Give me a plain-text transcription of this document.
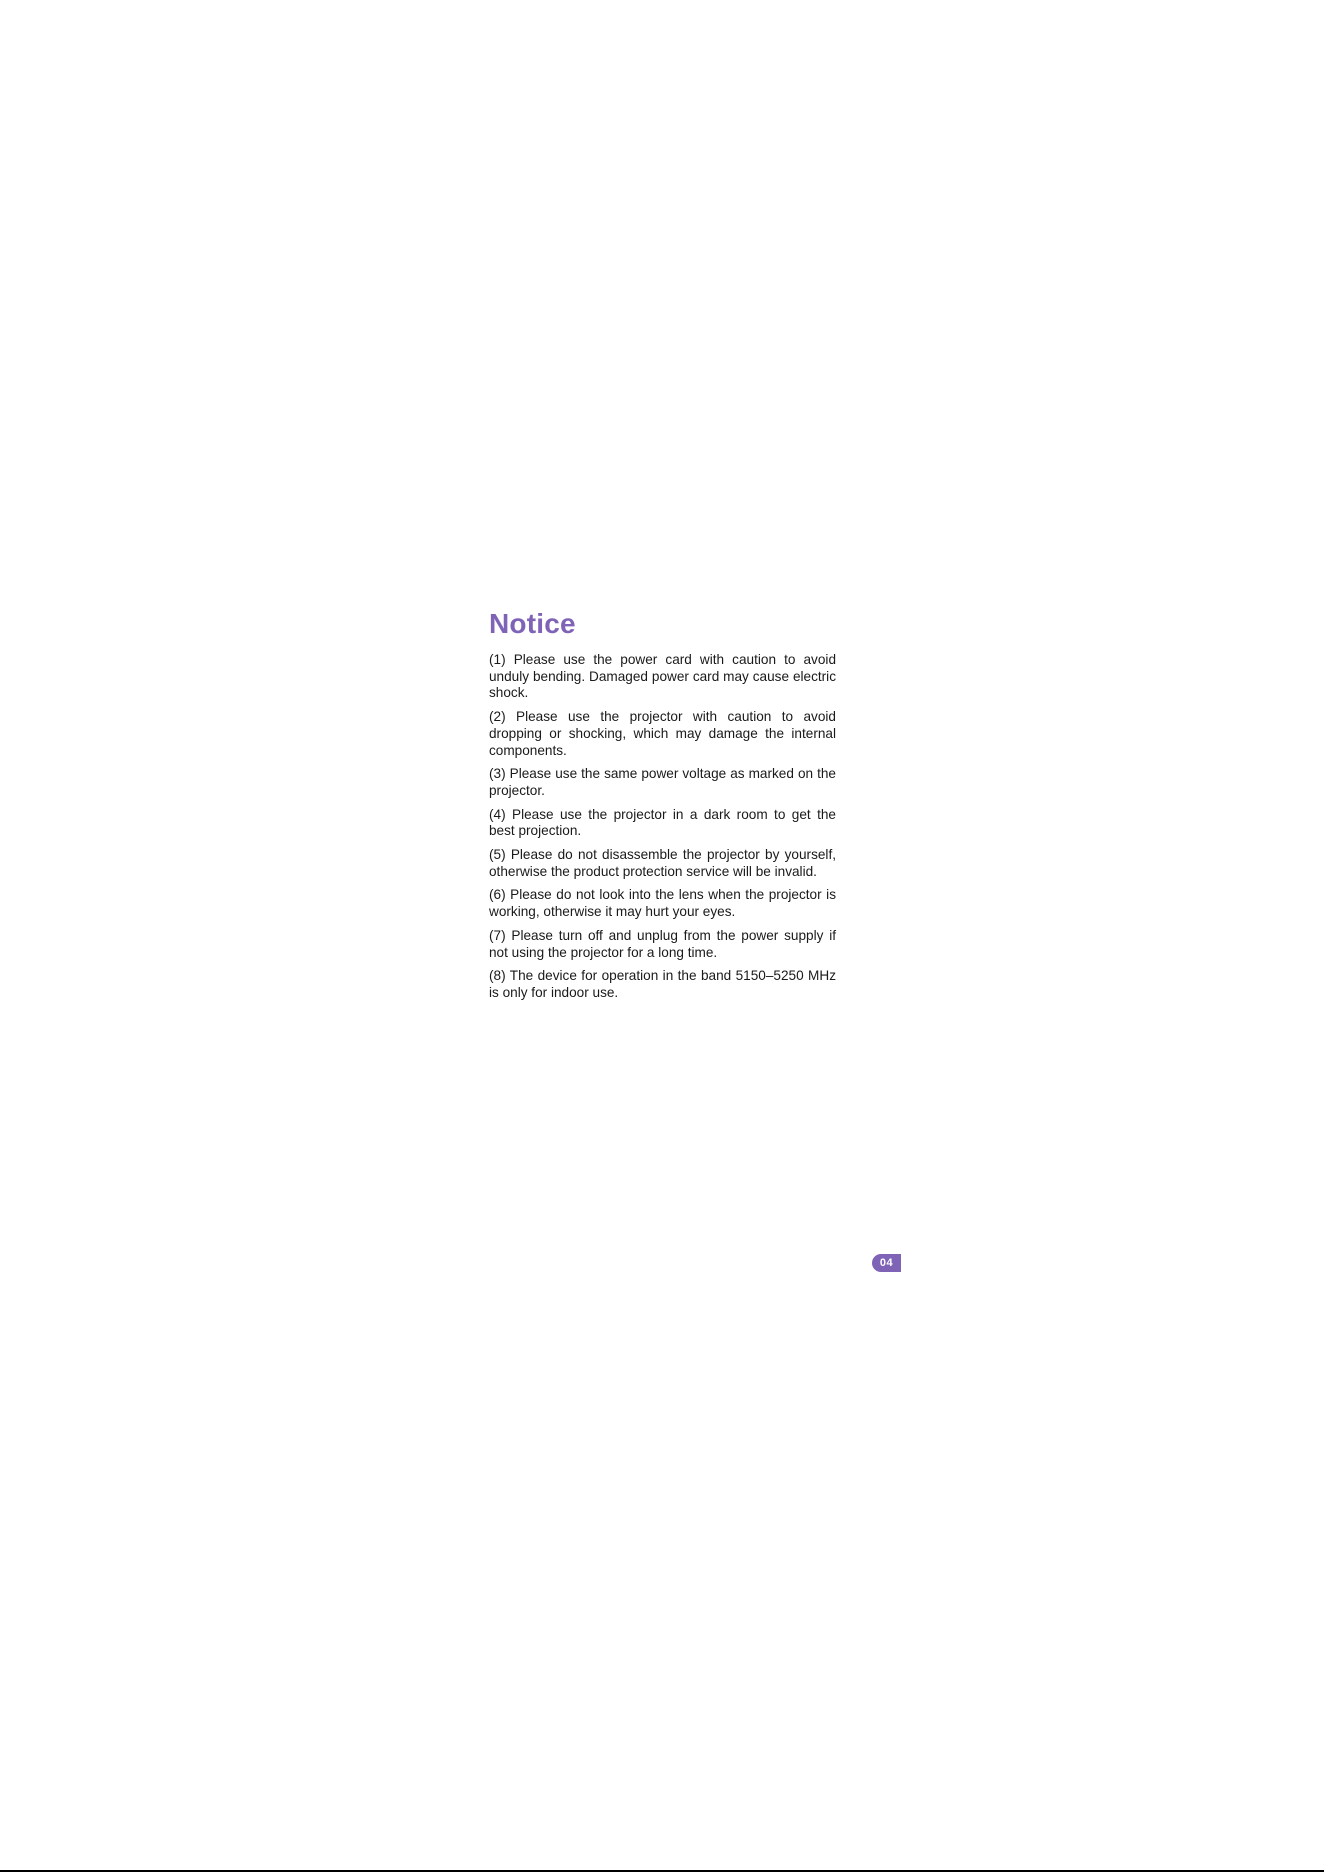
Notice
(1) Please use the power card with caution to avoid unduly bending. Damaged power card may cause electric shock.
(2) Please use the projector with caution to avoid dropping or shocking, which may damage the internal components.
(3) Please use the same power voltage as marked on the projector.
(4) Please use the projector in a dark room to get the best projection.
(5) Please do not disassemble the projector by yourself, otherwise the product protection service will be invalid.
(6) Please do not look into the lens when the projector is working, otherwise it may hurt your eyes.
(7) Please turn off and unplug from the power supply if not using the projector for a long time.
(8) The device for operation in the band 5150–5250 MHz is only for indoor use.
04
